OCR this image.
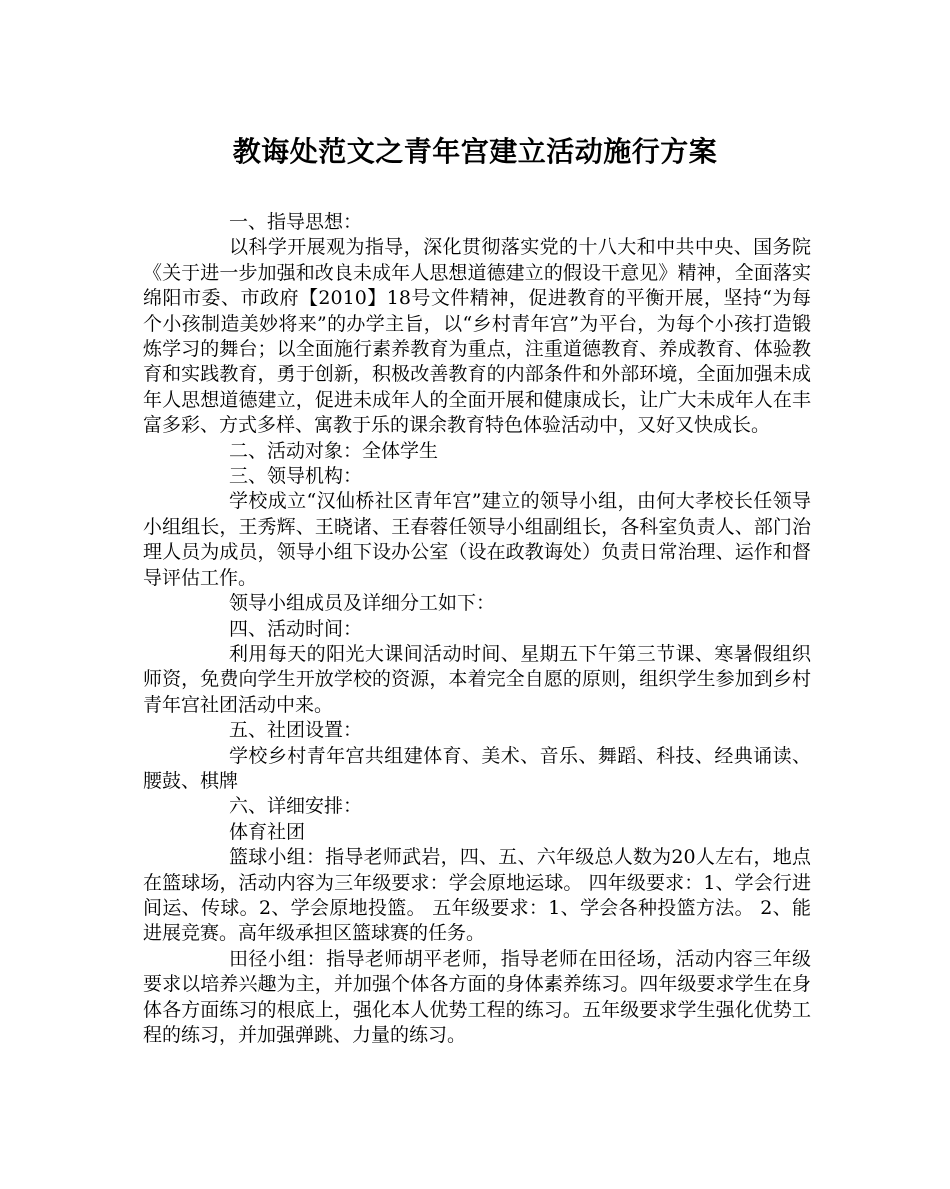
教诲处范文之青年宫建立活动施行方案

一、指导思想：

以科学开展观为指导，深化贯彻落实党的十八大和中共中央、国务院《关于进一步加强和改良未成年人思想道德建立的假设干意见》精神，全面落实绵阳市委、市政府【2010】18号文件精神，促进教育的平衡开展，坚持“为每个小孩制造美妙将来”的办学主旨，以“乡村青年宫”为平台，为每个小孩打造锻炼学习的舞台；以全面施行素养教育为重点，注重道德教育、养成教育、体验教育和实践教育，勇于创新，积极改善教育的内部条件和外部环境，全面加强未成年人思想道德建立，促进未成年人的全面开展和健康成长，让广大未成年人在丰富多彩、方式多样、寓教于乐的课余教育特色体验活动中，又好又快成长。

二、活动对象：全体学生

三、领导机构：

学校成立“汉仙桥社区青年宫”建立的领导小组，由何大孝校长任领导小组组长，王秀辉、王晓诸、王春蓉任领导小组副组长，各科室负责人、部门治理人员为成员，领导小组下设办公室（设在政教诲处）负责日常治理、运作和督导评估工作。

领导小组成员及详细分工如下：

四、活动时间：

利用每天的阳光大课间活动时间、星期五下午第三节课、寒暑假组织师资，免费向学生开放学校的资源，本着完全自愿的原则，组织学生参加到乡村青年宫社团活动中来。

五、社团设置：

学校乡村青年宫共组建体育、美术、音乐、舞蹈、科技、经典诵读、腰鼓、棋牌

六、详细安排：

体育社团

篮球小组：指导老师武岩，四、五、六年级总人数为20人左右，地点在篮球场，活动内容为三年级要求：学会原地运球。 四年级要求：1、学会行进间运、传球。2、学会原地投篮。 五年级要求：1、学会各种投篮方法。 2、能进展竞赛。高年级承担区篮球赛的任务。

田径小组：指导老师胡平老师，指导老师在田径场，活动内容三年级要求以培养兴趣为主，并加强个体各方面的身体素养练习。四年级要求学生在身体各方面练习的根底上，强化本人优势工程的练习。五年级要求学生强化优势工程的练习，并加强弹跳、力量的练习。
